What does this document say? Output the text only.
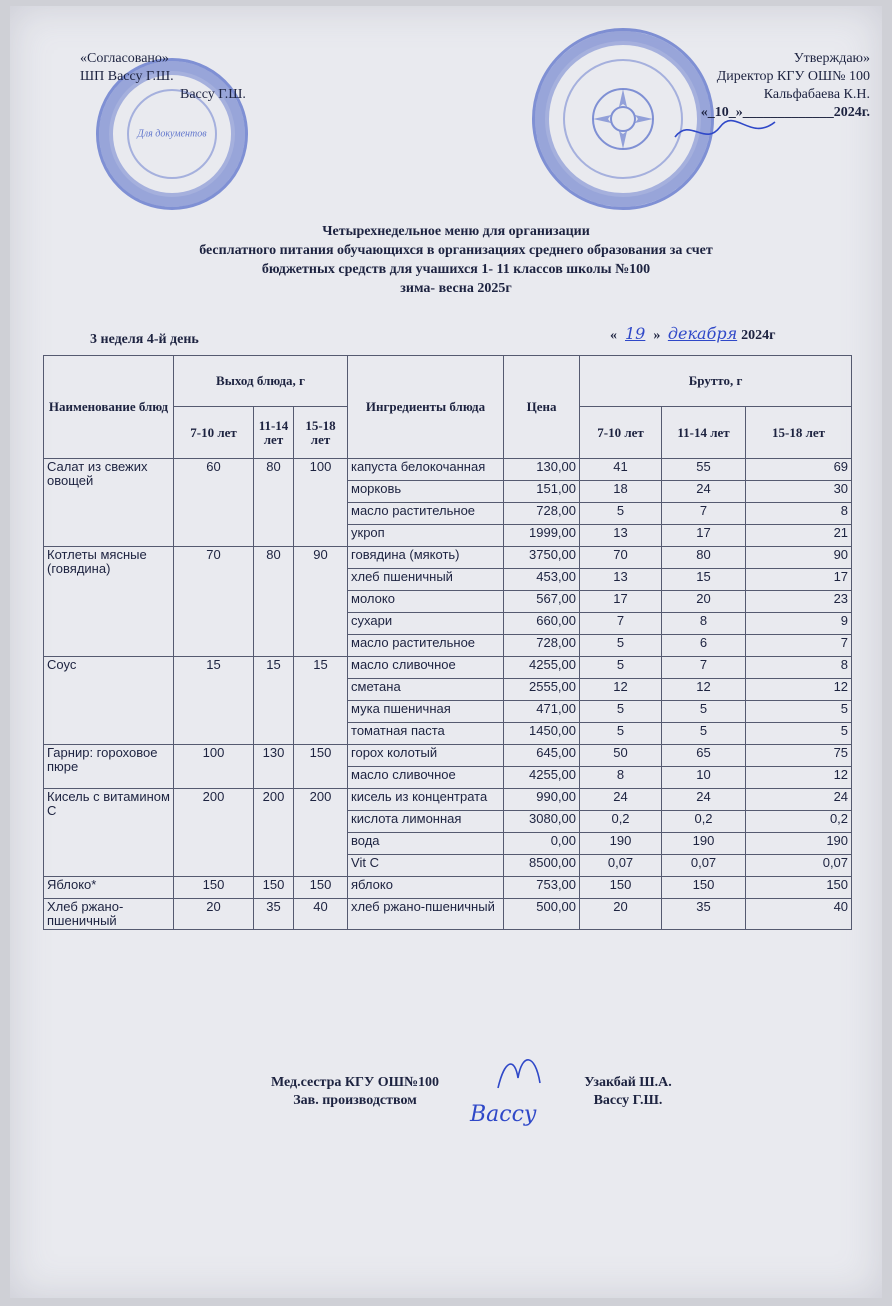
Для документов
«Согласовано»
ШП Вассу Г.Ш.
Вассу Г.Ш.
Утверждаю»
Директор КГУ ОШ№ 100
Кальфабаева К.Н.
«_10_»_____________2024г.
Четырехнедельное меню для организации
бесплатного питания обучающихся в организациях среднего образования за счет
бюджетных средств для учашихся 1- 11 классов школы №100
зима- весна 2025г
3 неделя 4-й день	« 19 » декабря 2024г
Наименование блюд	Выход блюда, г			Ингредиенты блюда	Цена	Брутто, г		
	7-10 лет	11-14 лет	15-18 лет			7-10 лет	11-14 лет	15-18 лет
Салат из свежих овощей	60	80	100	капуста белокочанная	130,00	41	55	69
				морковь	151,00	18	24	30
				масло растительное	728,00	5	7	8
				укроп	1999,00	13	17	21
Котлеты мясные (говядина)	70	80	90	говядина (мякоть)	3750,00	70	80	90
				хлеб пшеничный	453,00	13	15	17
				молоко	567,00	17	20	23
				сухари	660,00	7	8	9
				масло растительное	728,00	5	6	7
Соус	15	15	15	масло сливочное	4255,00	5	7	8
				сметана	2555,00	12	12	12
				мука пшеничная	471,00	5	5	5
				томатная паста	1450,00	5	5	5
Гарнир: гороховое пюре	100	130	150	горох колотый	645,00	50	65	75
				масло сливочное	4255,00	8	10	12
Кисель с витамином С	200	200	200	кисель из концентрата	990,00	24	24	24
				кислота лимонная	3080,00	0,2	0,2	0,2
				вода	0,00	190	190	190
				Vit C	8500,00	0,07	0,07	0,07
Яблоко*	150	150	150	яблоко	753,00	150	150	150
Хлеб ржано-пшеничный	20	35	40	хлеб ржано-пшеничный	500,00	20	35	40
Мед.сестра КГУ ОШ№100
Зав. производством
Узакбай Ш.А.
Вассу Г.Ш.
Вассу
